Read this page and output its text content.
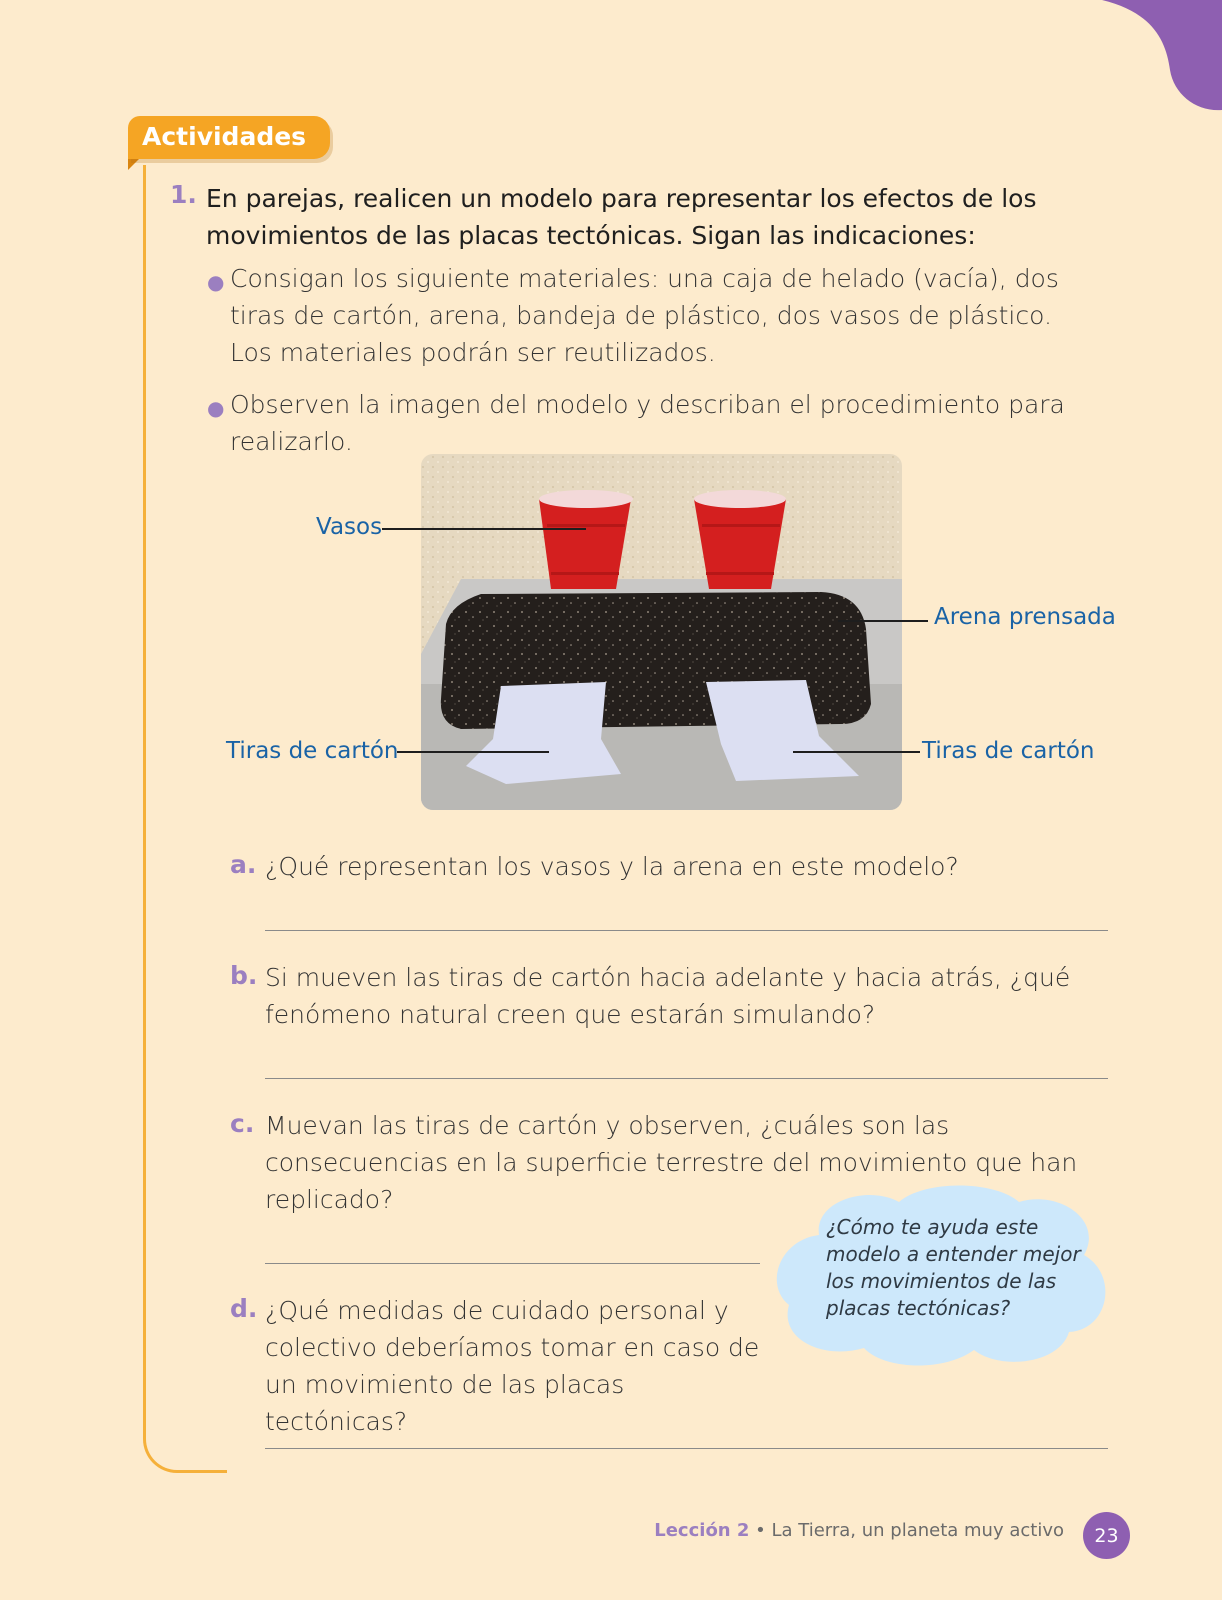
Actividades
1. En parejas, realicen un modelo para representar los efectos de los movimientos de las placas tectónicas. Sigan las indicaciones:
● Consigan los siguiente materiales: una caja de helado (vacía), dos tiras de cartón, arena, bandeja de plástico, dos vasos de plástico. Los materiales podrán ser reutilizados.
● Observen la imagen del modelo y describan el procedimiento para realizarlo.
Vasos
Arena prensada
Tiras de cartón	Tiras de cartón
a. ¿Qué representan los vasos y la arena en este modelo?
b. Si mueven las tiras de cartón hacia adelante y hacia atrás, ¿qué fenómeno natural creen que estarán simulando?
c. Muevan las tiras de cartón y observen, ¿cuáles son las consecuencias en la superficie terrestre del movimiento que han replicado?
d. ¿Qué medidas de cuidado personal y colectivo deberíamos tomar en caso de un movimiento de las placas tectónicas?
¿Cómo te ayuda este modelo a entender mejor los movimientos de las placas tectónicas?
Lección 2 • La Tierra, un planeta muy activo	23
